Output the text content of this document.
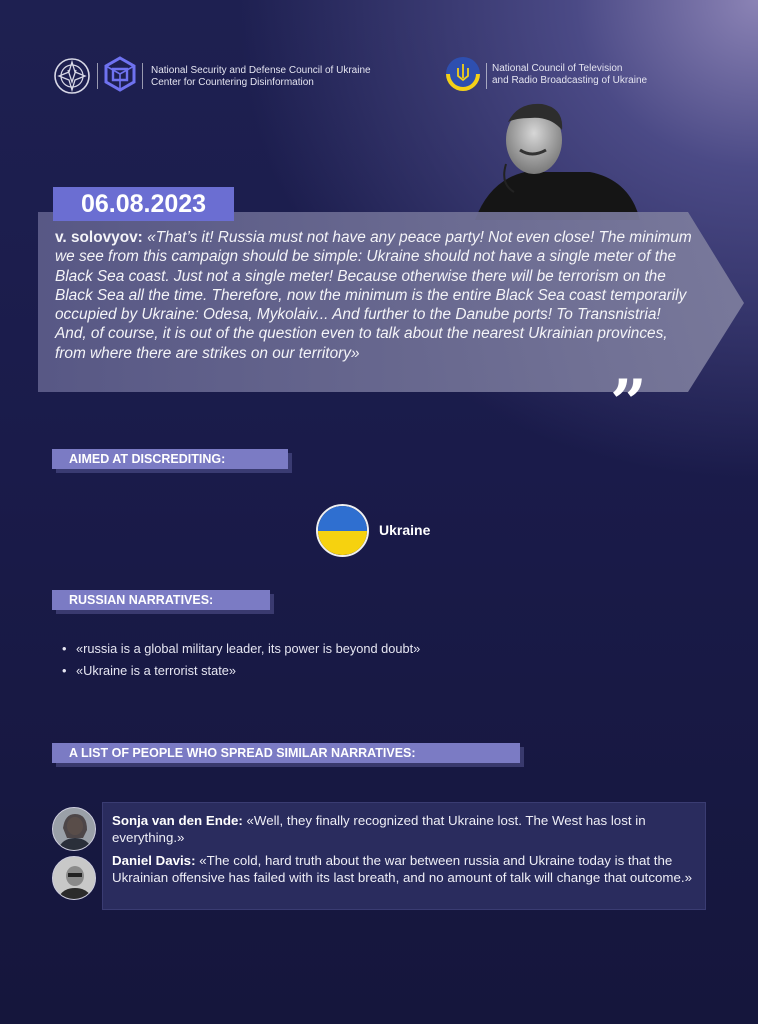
National Security and Defense Council of Ukraine
Center for Countering Disinformation
National Council of Television
and Radio Broadcasting of Ukraine
06.08.2023
v. solovyov: «That’s it! Russia must not have any peace party! Not even close! The minimum we see from this campaign should be simple: Ukraine should not have a single meter of the Black Sea coast. Just not a single meter! Because otherwise there will be terrorism on the Black Sea all the time. Therefore, now the minimum is the entire Black Sea coast temporarily occupied by Ukraine: Odesa, Mykolaiv... And further to the Danube ports! To Transnistria! And, of course, it is out of the question even to talk about the nearest Ukrainian provinces, from where there are strikes on our territory»
”
AIMED AT DISCREDITING:
Ukraine
RUSSIAN NARRATIVES:
• «russia is a global military leader, its power is beyond doubt»
• «Ukraine is a terrorist state»
A LIST OF PEOPLE WHO SPREAD SIMILAR NARRATIVES:
Sonja van den Ende: «Well, they finally recognized that Ukraine lost. The West has lost in everything.»
Daniel Davis: «The cold, hard truth about the war between russia and Ukraine today is that the Ukrainian offensive has failed with its last breath, and no amount of talk will change that outcome.»
